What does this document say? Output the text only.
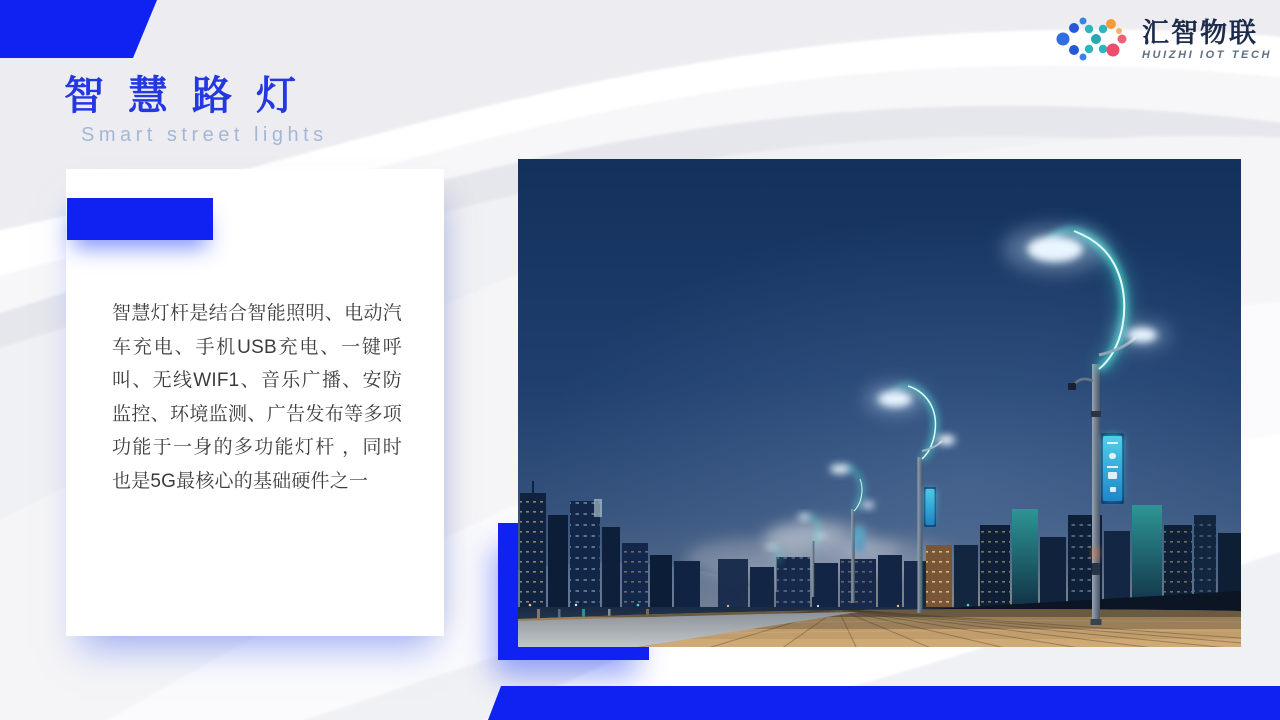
汇智物联
HUIZHI IOT TECH
智慧路灯
Smart street lights

智慧灯杆是结合智能照明、电动汽车充电、手机USB充电、一键呼叫、无线WIF1、音乐广播、安防监控、环境监测、广告发布等多项功能于一身的多功能灯杆 ，同时也是5G最核心的基础硬件之一
